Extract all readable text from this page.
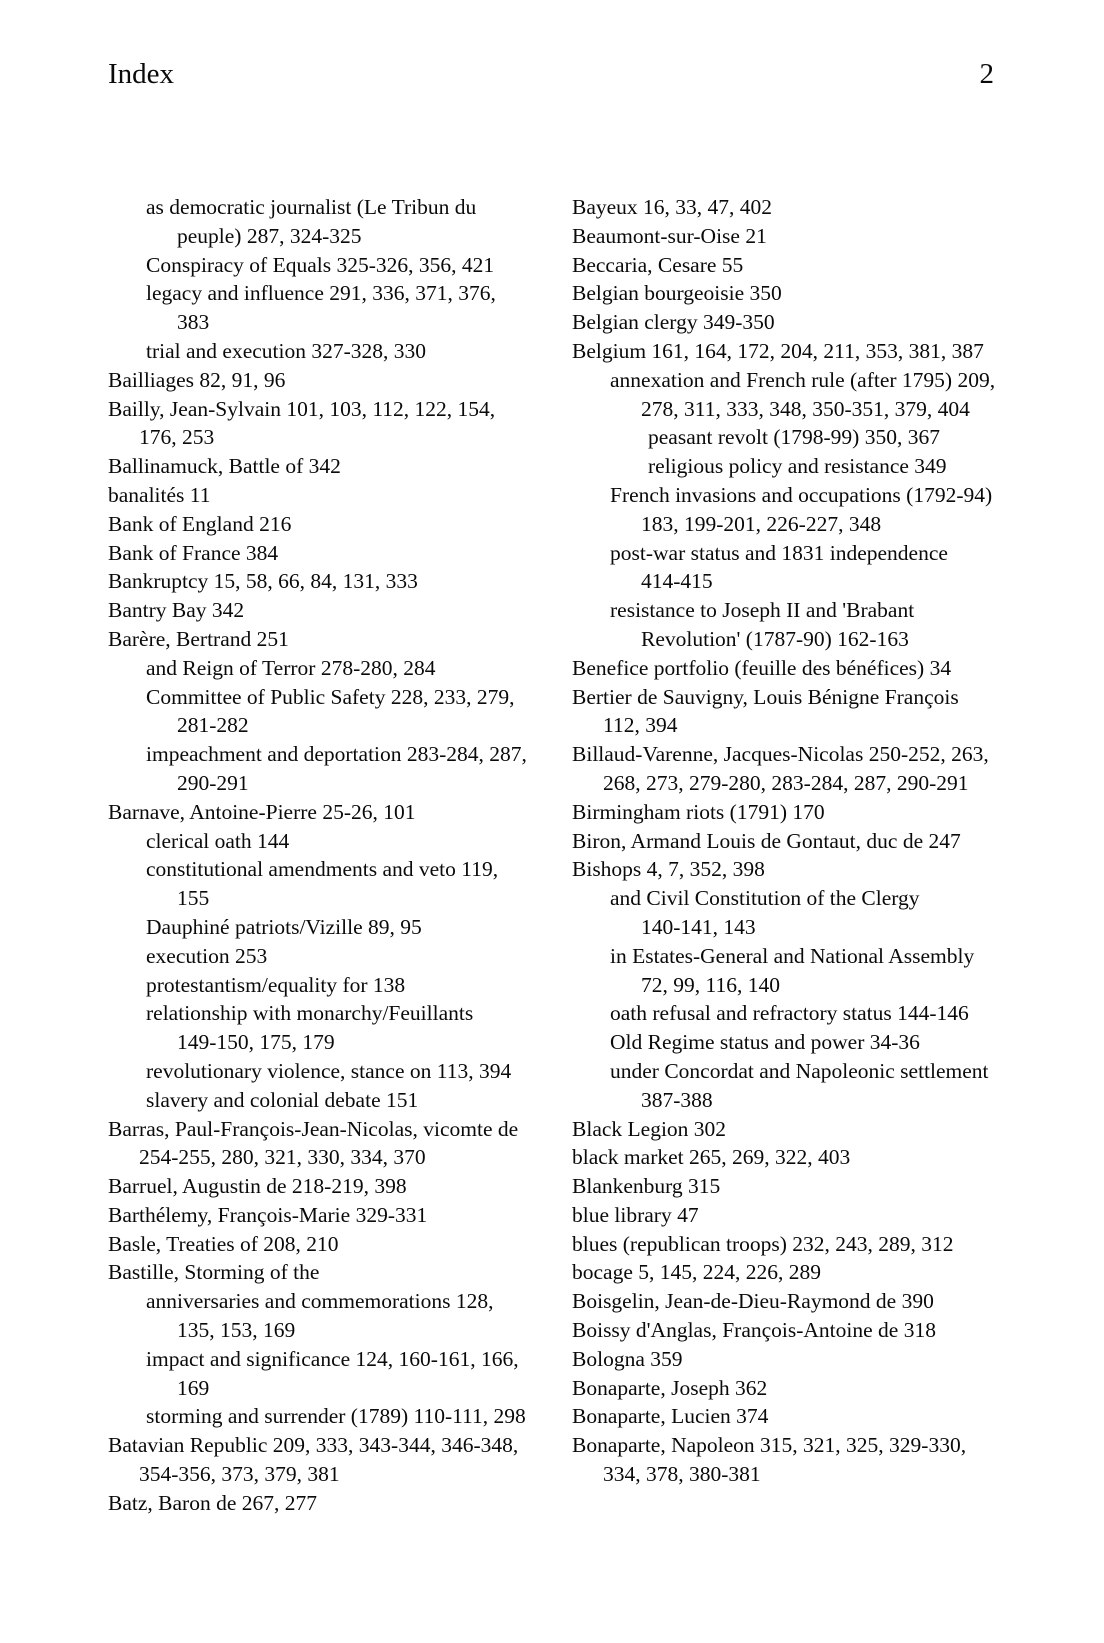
Index	2
as democratic journalist (Le Tribun du
peuple) 287, 324-325
Conspiracy of Equals 325-326, 356, 421
legacy and influence 291, 336, 371, 376,
383
trial and execution 327-328, 330
Bailliages 82, 91, 96
Bailly, Jean-Sylvain 101, 103, 112, 122, 154,
176, 253
Ballinamuck, Battle of 342
banalités 11
Bank of England 216
Bank of France 384
Bankruptcy 15, 58, 66, 84, 131, 333
Bantry Bay 342
Barère, Bertrand 251
and Reign of Terror 278-280, 284
Committee of Public Safety 228, 233, 279,
281-282
impeachment and deportation 283-284, 287,
290-291
Barnave, Antoine-Pierre 25-26, 101
clerical oath 144
constitutional amendments and veto 119,
155
Dauphiné patriots/Vizille 89, 95
execution 253
protestantism/equality for 138
relationship with monarchy/Feuillants
149-150, 175, 179
revolutionary violence, stance on 113, 394
slavery and colonial debate 151
Barras, Paul-François-Jean-Nicolas, vicomte de
254-255, 280, 321, 330, 334, 370
Barruel, Augustin de 218-219, 398
Barthélemy, François-Marie 329-331
Basle, Treaties of 208, 210
Bastille, Storming of the
anniversaries and commemorations 128,
135, 153, 169
impact and significance 124, 160-161, 166,
169
storming and surrender (1789) 110-111, 298
Batavian Republic 209, 333, 343-344, 346-348,
354-356, 373, 379, 381
Batz, Baron de 267, 277
Bayeux 16, 33, 47, 402
Beaumont-sur-Oise 21
Beccaria, Cesare 55
Belgian bourgeoisie 350
Belgian clergy 349-350
Belgium 161, 164, 172, 204, 211, 353, 381, 387
annexation and French rule (after 1795) 209,
278, 311, 333, 348, 350-351, 379, 404
peasant revolt (1798-99) 350, 367
religious policy and resistance 349
French invasions and occupations (1792-94)
183, 199-201, 226-227, 348
post-war status and 1831 independence
414-415
resistance to Joseph II and 'Brabant
Revolution' (1787-90) 162-163
Benefice portfolio (feuille des bénéfices) 34
Bertier de Sauvigny, Louis Bénigne François
112, 394
Billaud-Varenne, Jacques-Nicolas 250-252, 263,
268, 273, 279-280, 283-284, 287, 290-291
Birmingham riots (1791) 170
Biron, Armand Louis de Gontaut, duc de 247
Bishops 4, 7, 352, 398
and Civil Constitution of the Clergy
140-141, 143
in Estates-General and National Assembly
72, 99, 116, 140
oath refusal and refractory status 144-146
Old Regime status and power 34-36
under Concordat and Napoleonic settlement
387-388
Black Legion 302
black market 265, 269, 322, 403
Blankenburg 315
blue library 47
blues (republican troops) 232, 243, 289, 312
bocage 5, 145, 224, 226, 289
Boisgelin, Jean-de-Dieu-Raymond de 390
Boissy d'Anglas, François-Antoine de 318
Bologna 359
Bonaparte, Joseph 362
Bonaparte, Lucien 374
Bonaparte, Napoleon 315, 321, 325, 329-330,
334, 378, 380-381
